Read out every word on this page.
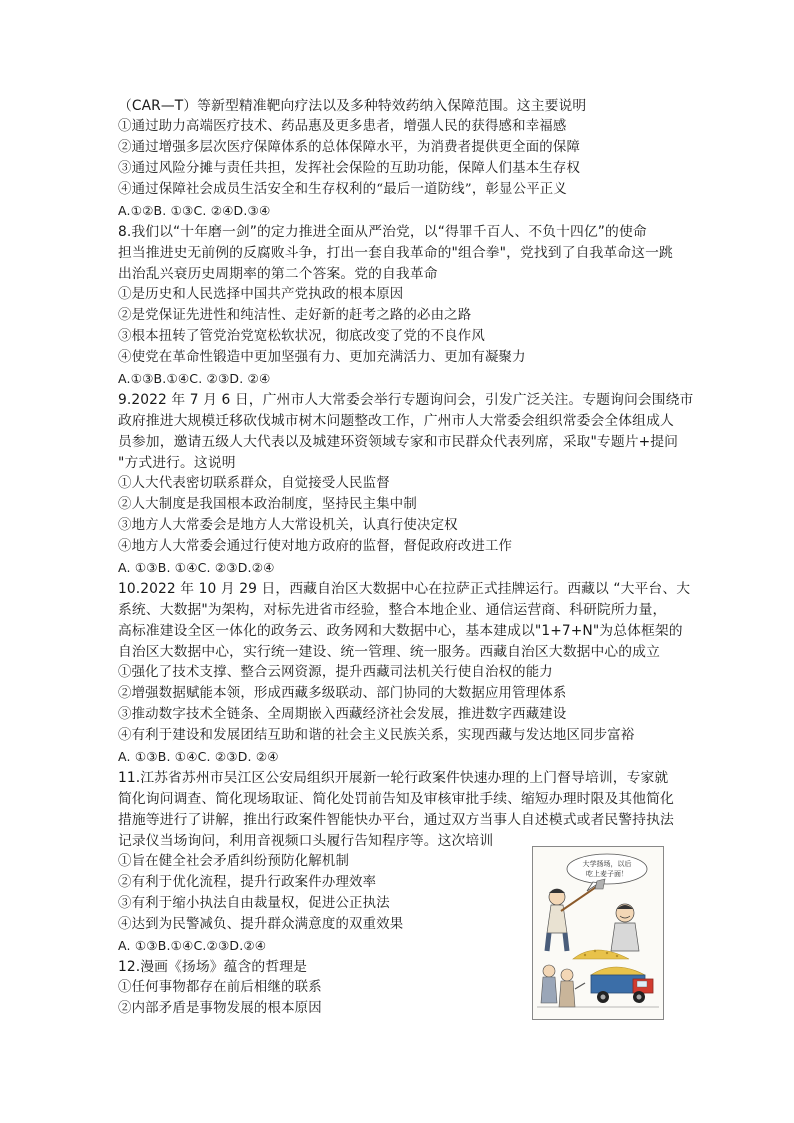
（CAR—T）等新型精准靶向疗法以及多种特效药纳入保障范围。这主要说明
①通过助力高端医疗技术、药品惠及更多患者，增强人民的获得感和幸福感
②通过增强多层次医疗保障体系的总体保障水平，为消费者提供更全面的保障
③通过风险分摊与责任共担，发挥社会保险的互助功能，保障人们基本生存权
④通过保障社会成员生活安全和生存权利的“最后一道防线”，彰显公平正义
A.①②B. ①③C. ②④D.③④
8.我们以“十年磨一剑”的定力推进全面从严治党，以“得罪千百人、不负十四亿”的使命
担当推进史无前例的反腐败斗争，打出一套自我革命的"组合拳"，党找到了自我革命这一跳
出治乱兴衰历史周期率的第二个答案。党的自我革命
①是历史和人民选择中国共产党执政的根本原因
②是党保证先进性和纯洁性、走好新的赶考之路的必由之路
③根本扭转了管党治党宽松软状况，彻底改变了党的不良作风
④使党在革命性锻造中更加坚强有力、更加充满活力、更加有凝聚力
A.①③B.①④C. ②③D. ②④
9.2022 年 7 月 6 日，广州市人大常委会举行专题询问会，引发广泛关注。专题询问会围绕市
政府推进大规模迁移砍伐城市树木问题整改工作，广州市人大常委会组织常委会全体组成人
员参加，邀请五级人大代表以及城建环资领域专家和市民群众代表列席，采取"专题片+提问
"方式进行。这说明
①人大代表密切联系群众，自觉接受人民监督
②人大制度是我国根本政治制度，坚持民主集中制
③地方人大常委会是地方人大常设机关，认真行使决定权
④地方人大常委会通过行使对地方政府的监督，督促政府改进工作
A. ①③B. ①④C. ②③D.②④
10.2022 年 10 月 29 日，西藏自治区大数据中心在拉萨正式挂牌运行。西藏以 “大平台、大
系统、大数据"为架构，对标先进省市经验，整合本地企业、通信运营商、科研院所力量，
高标准建设全区一体化的政务云、政务网和大数据中心，基本建成以"1+7+N"为总体框架的
自治区大数据中心，实行统一建设、统一管理、统一服务。西藏自治区大数据中心的成立
①强化了技术支撑、整合云网资源，提升西藏司法机关行使自治权的能力
②增强数据赋能本领，形成西藏多级联动、部门协同的大数据应用管理体系
③推动数字技术全链条、全周期嵌入西藏经济社会发展，推进数字西藏建设
④有利于建设和发展团结互助和谐的社会主义民族关系，实现西藏与发达地区同步富裕
A. ①③B. ①④C. ②③D. ②④
11.江苏省苏州市吴江区公安局组织开展新一轮行政案件快速办理的上门督导培训，专家就
简化询问调查、简化现场取证、简化处罚前告知及审核审批手续、缩短办理时限及其他简化
措施等进行了讲解，推出行政案件智能快办平台，通过双方当事人自述模式或者民警持执法
记录仪当场询问，利用音视频口头履行告知程序等。这次培训
①旨在健全社会矛盾纠纷预防化解机制
②有利于优化流程，提升行政案件办理效率
③有利于缩小执法自由裁量权，促进公正执法
④达到为民警减负、提升群众满意度的双重效果
A. ①③B.①④C.②③D.②④
12.漫画《扬场》蕴含的哲理是
①任何事物都存在前后相继的联系
②内部矛盾是事物发展的根本原因
大学扬场，以后
吃上麦子面！
